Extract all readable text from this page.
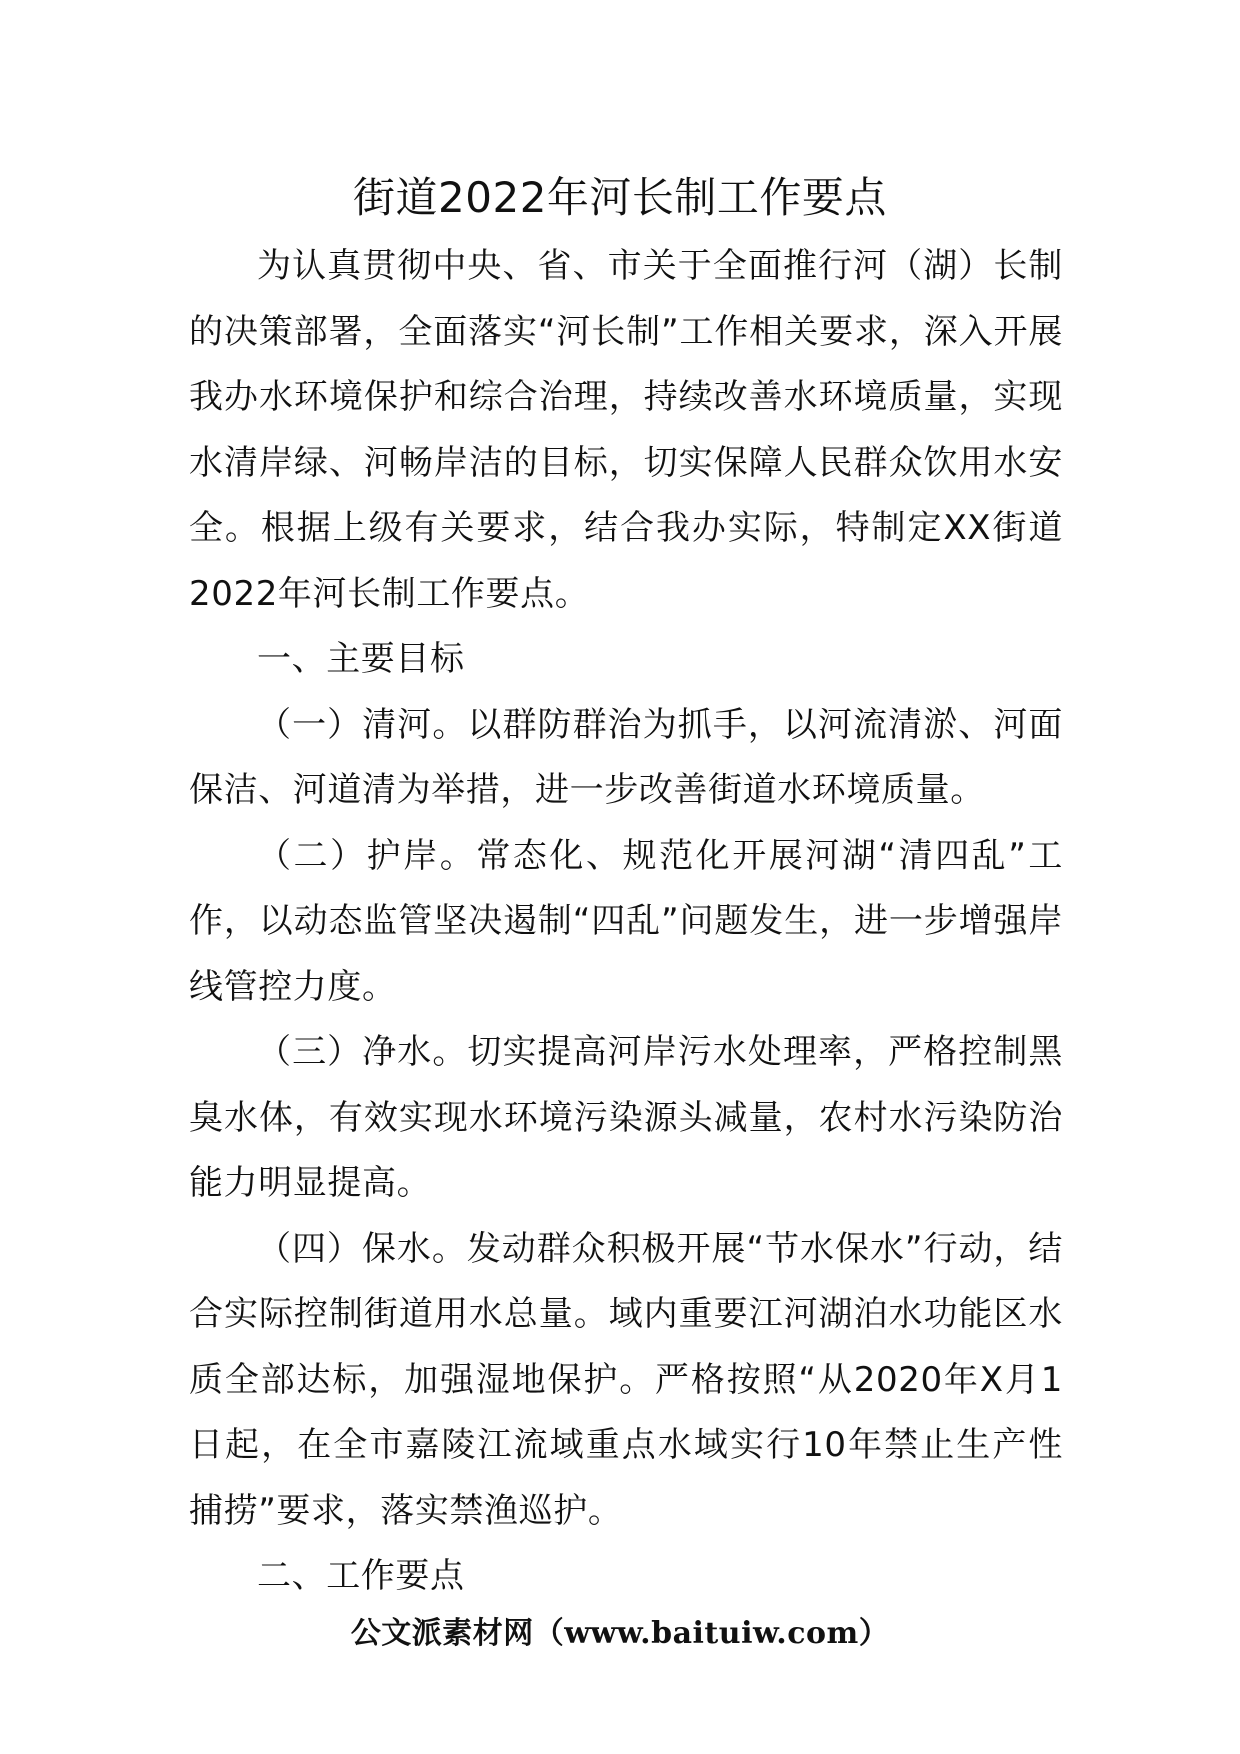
街道2022年河长制工作要点

为认真贯彻中央、省、市关于全面推行河（湖）长制的决策部署，全面落实“河长制”工作相关要求，深入开展我办水环境保护和综合治理，持续改善水环境质量，实现水清岸绿、河畅岸洁的目标，切实保障人民群众饮用水安全。根据上级有关要求，结合我办实际，特制定XX街道2022年河长制工作要点。

一、主要目标

（一）清河。以群防群治为抓手，以河流清淤、河面保洁、河道清为举措，进一步改善街道水环境质量。

（二）护岸。常态化、规范化开展河湖“清四乱”工作，以动态监管坚决遏制“四乱”问题发生，进一步增强岸线管控力度。

（三）净水。切实提高河岸污水处理率，严格控制黑臭水体，有效实现水环境污染源头减量，农村水污染防治能力明显提高。

（四）保水。发动群众积极开展“节水保水”行动，结合实际控制街道用水总量。域内重要江河湖泊水功能区水质全部达标，加强湿地保护。严格按照“从2020年X月1日起，在全市嘉陵江流域重点水域实行10年禁止生产性捕捞”要求，落实禁渔巡护。

二、工作要点

公文派素材网（www.baituiw.com）
